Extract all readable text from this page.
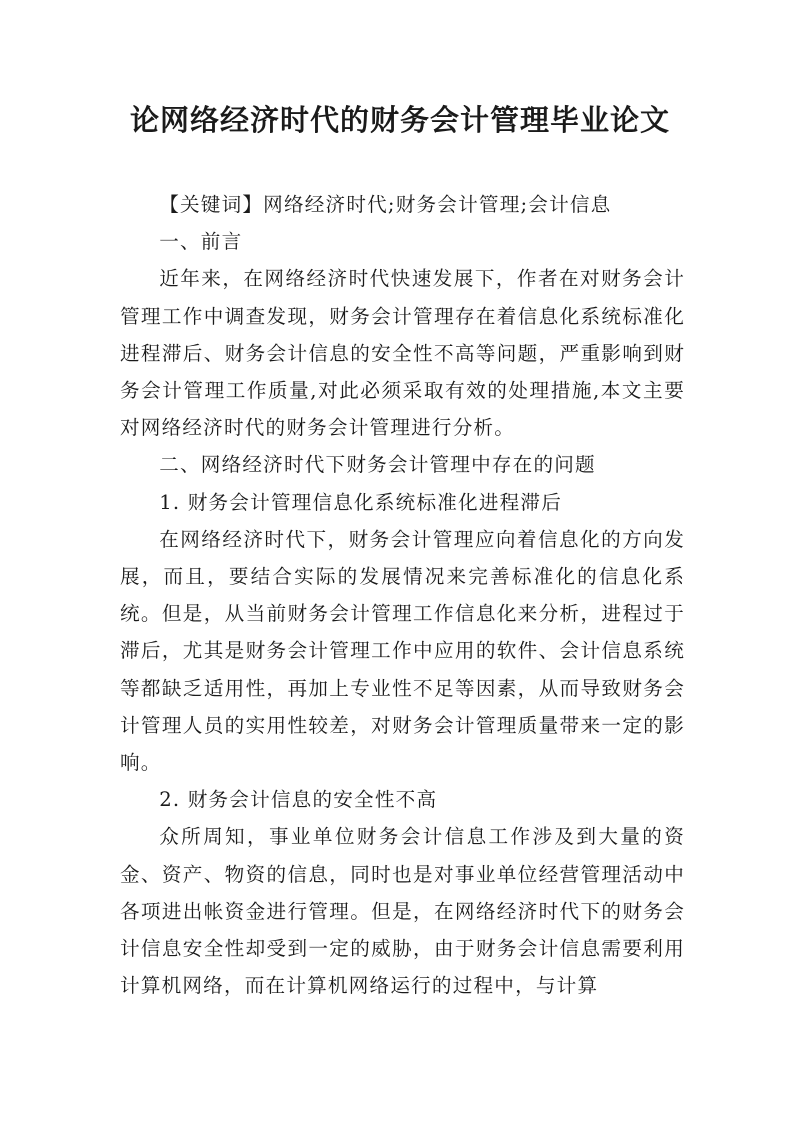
论网络经济时代的财务会计管理毕业论文

【关键词】网络经济时代;财务会计管理;会计信息

一、前言

近年来，在网络经济时代快速发展下，作者在对财务会计管理工作中调查发现，财务会计管理存在着信息化系统标准化进程滞后、财务会计信息的安全性不高等问题，严重影响到财务会计管理工作质量,对此必须采取有效的处理措施,本文主要对网络经济时代的财务会计管理进行分析。

二、网络经济时代下财务会计管理中存在的问题

1. 财务会计管理信息化系统标准化进程滞后

在网络经济时代下，财务会计管理应向着信息化的方向发展，而且，要结合实际的发展情况来完善标准化的信息化系统。但是，从当前财务会计管理工作信息化来分析，进程过于滞后，尤其是财务会计管理工作中应用的软件、会计信息系统等都缺乏适用性，再加上专业性不足等因素，从而导致财务会计管理人员的实用性较差，对财务会计管理质量带来一定的影响。

2. 财务会计信息的安全性不高

众所周知，事业单位财务会计信息工作涉及到大量的资金、资产、物资的信息，同时也是对事业单位经营管理活动中各项进出帐资金进行管理。但是，在网络经济时代下的财务会计信息安全性却受到一定的威胁，由于财务会计信息需要利用计算机网络，而在计算机网络运行的过程中，与计算
